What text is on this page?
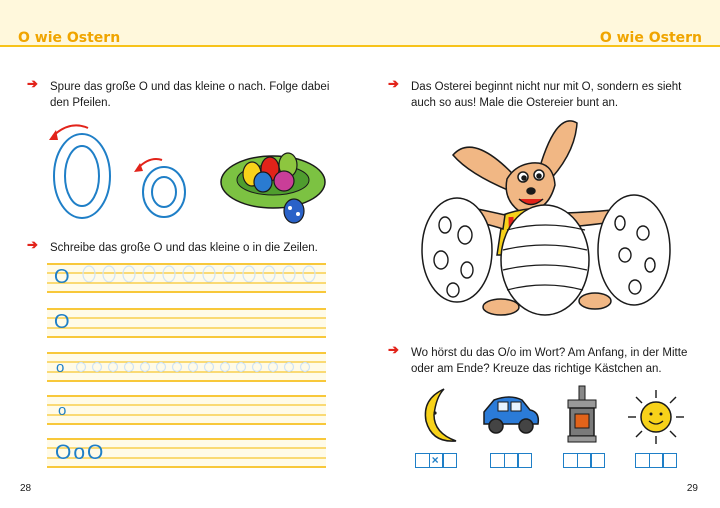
O wie Ostern	O wie Ostern
➔ Spure das große O und das kleine o nach. Folge dabei
den Pfeilen.
➔ Schreibe das große O und das kleine o in die Zeilen.
O
O
o
o
OoO
28
➔ Das Osterei beginnt nicht nur mit O, sondern es sieht
auch so aus! Male die Ostereier bunt an.
➔ Wo hörst du das O/o im Wort? Am Anfang, in der Mitte
oder am Ende? Kreuze das richtige Kästchen an.
×
29
